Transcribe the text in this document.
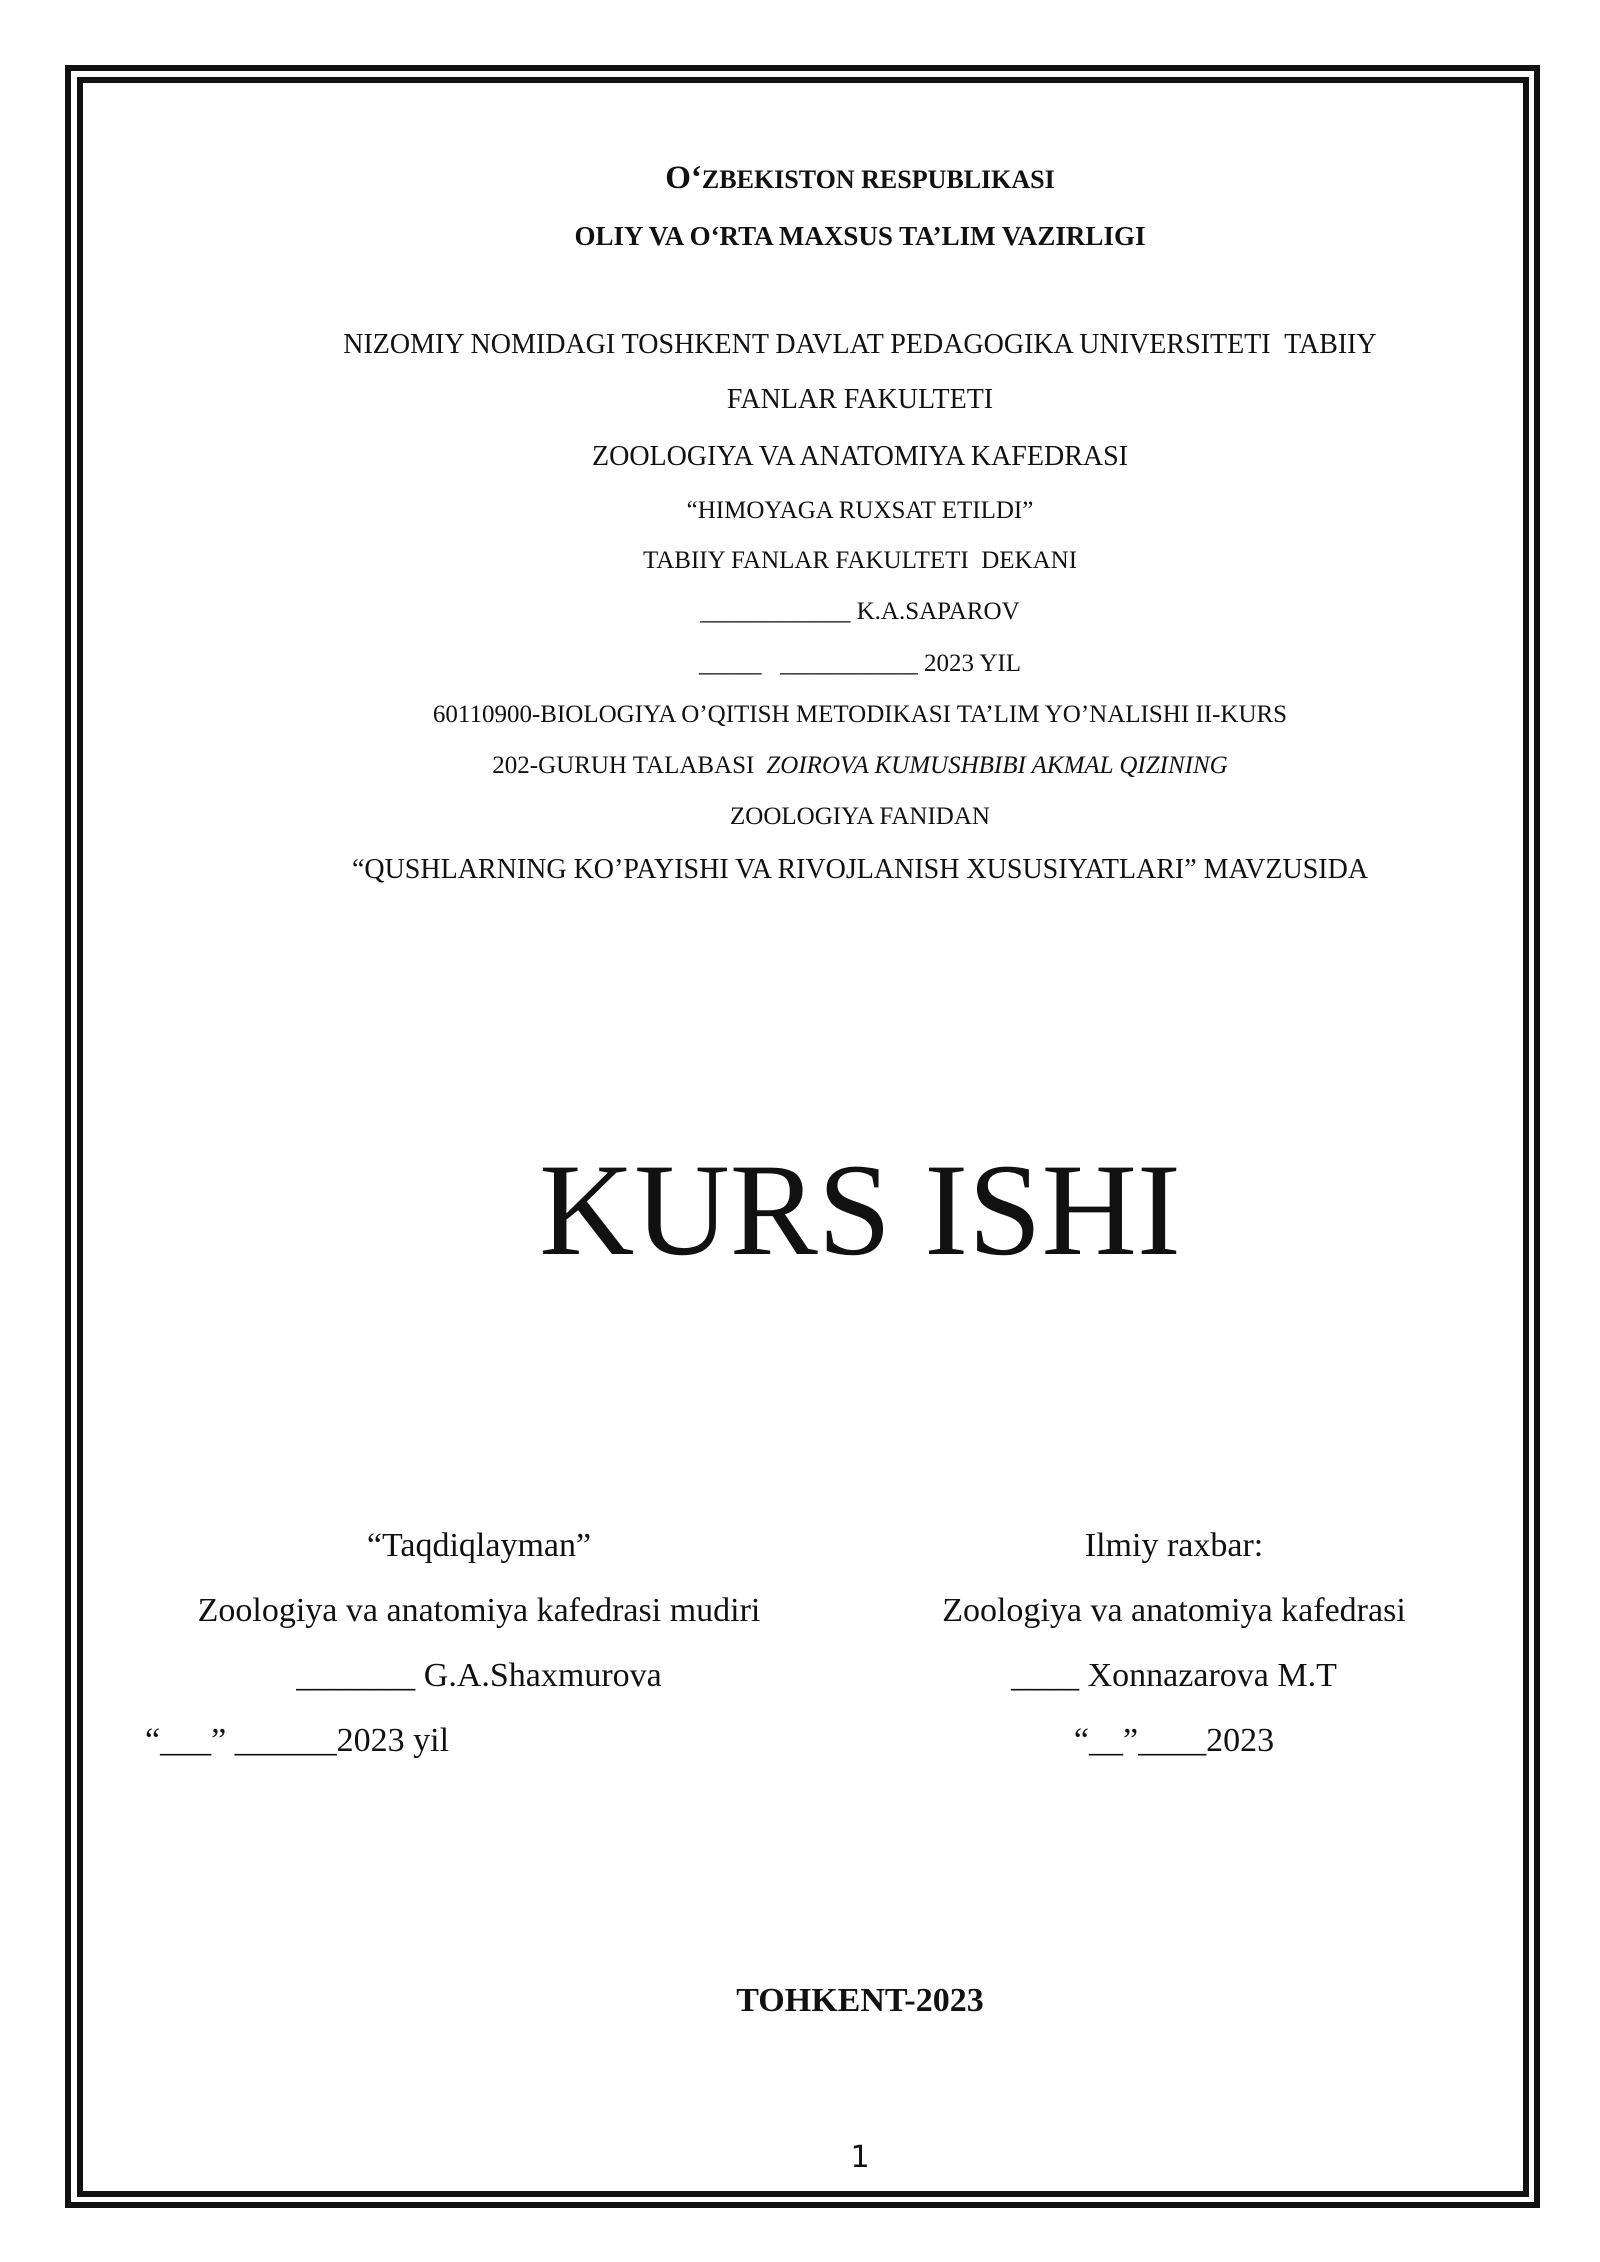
O‘ZBEKISTON RESPUBLIKASI
OLIY VA O‘RTA MAXSUS TA’LIM VAZIRLIGI
NIZOMIY NOMIDAGI TOSHKENT DAVLAT PEDAGOGIKA UNIVERSITETI  TABIIY
FANLAR FAKULTETI
ZOOLOGIYA VA ANATOMIYA KAFEDRASI
“HIMOYAGA RUXSAT ETILDI”
TABIIY FANLAR FAKULTETI  DEKANI
____________ K.A.SAPAROV
_____   ___________ 2023 YIL
60110900-BIOLOGIYA O’QITISH METODIKASI TA’LIM YO’NALISHI II-KURS
202-GURUH TALABASI ZOIROVA KUMUSHBIBI AKMAL QIZINING
ZOOLOGIYA FANIDAN
“QUSHLARNING KO’PAYISHI VA RIVOJLANISH XUSUSIYATLARI” MAVZUSIDA
KURS ISHI
“Taqdiqlayman”
Zoologiya va anatomiya kafedrasi mudiri
_______ G.A.Shaxmurova
“___” ______2023 yil
Ilmiy raxbar:
Zoologiya va anatomiya kafedrasi
____ Xonnazarova M.T
“__”____2023
TOHKENT-2023
1
